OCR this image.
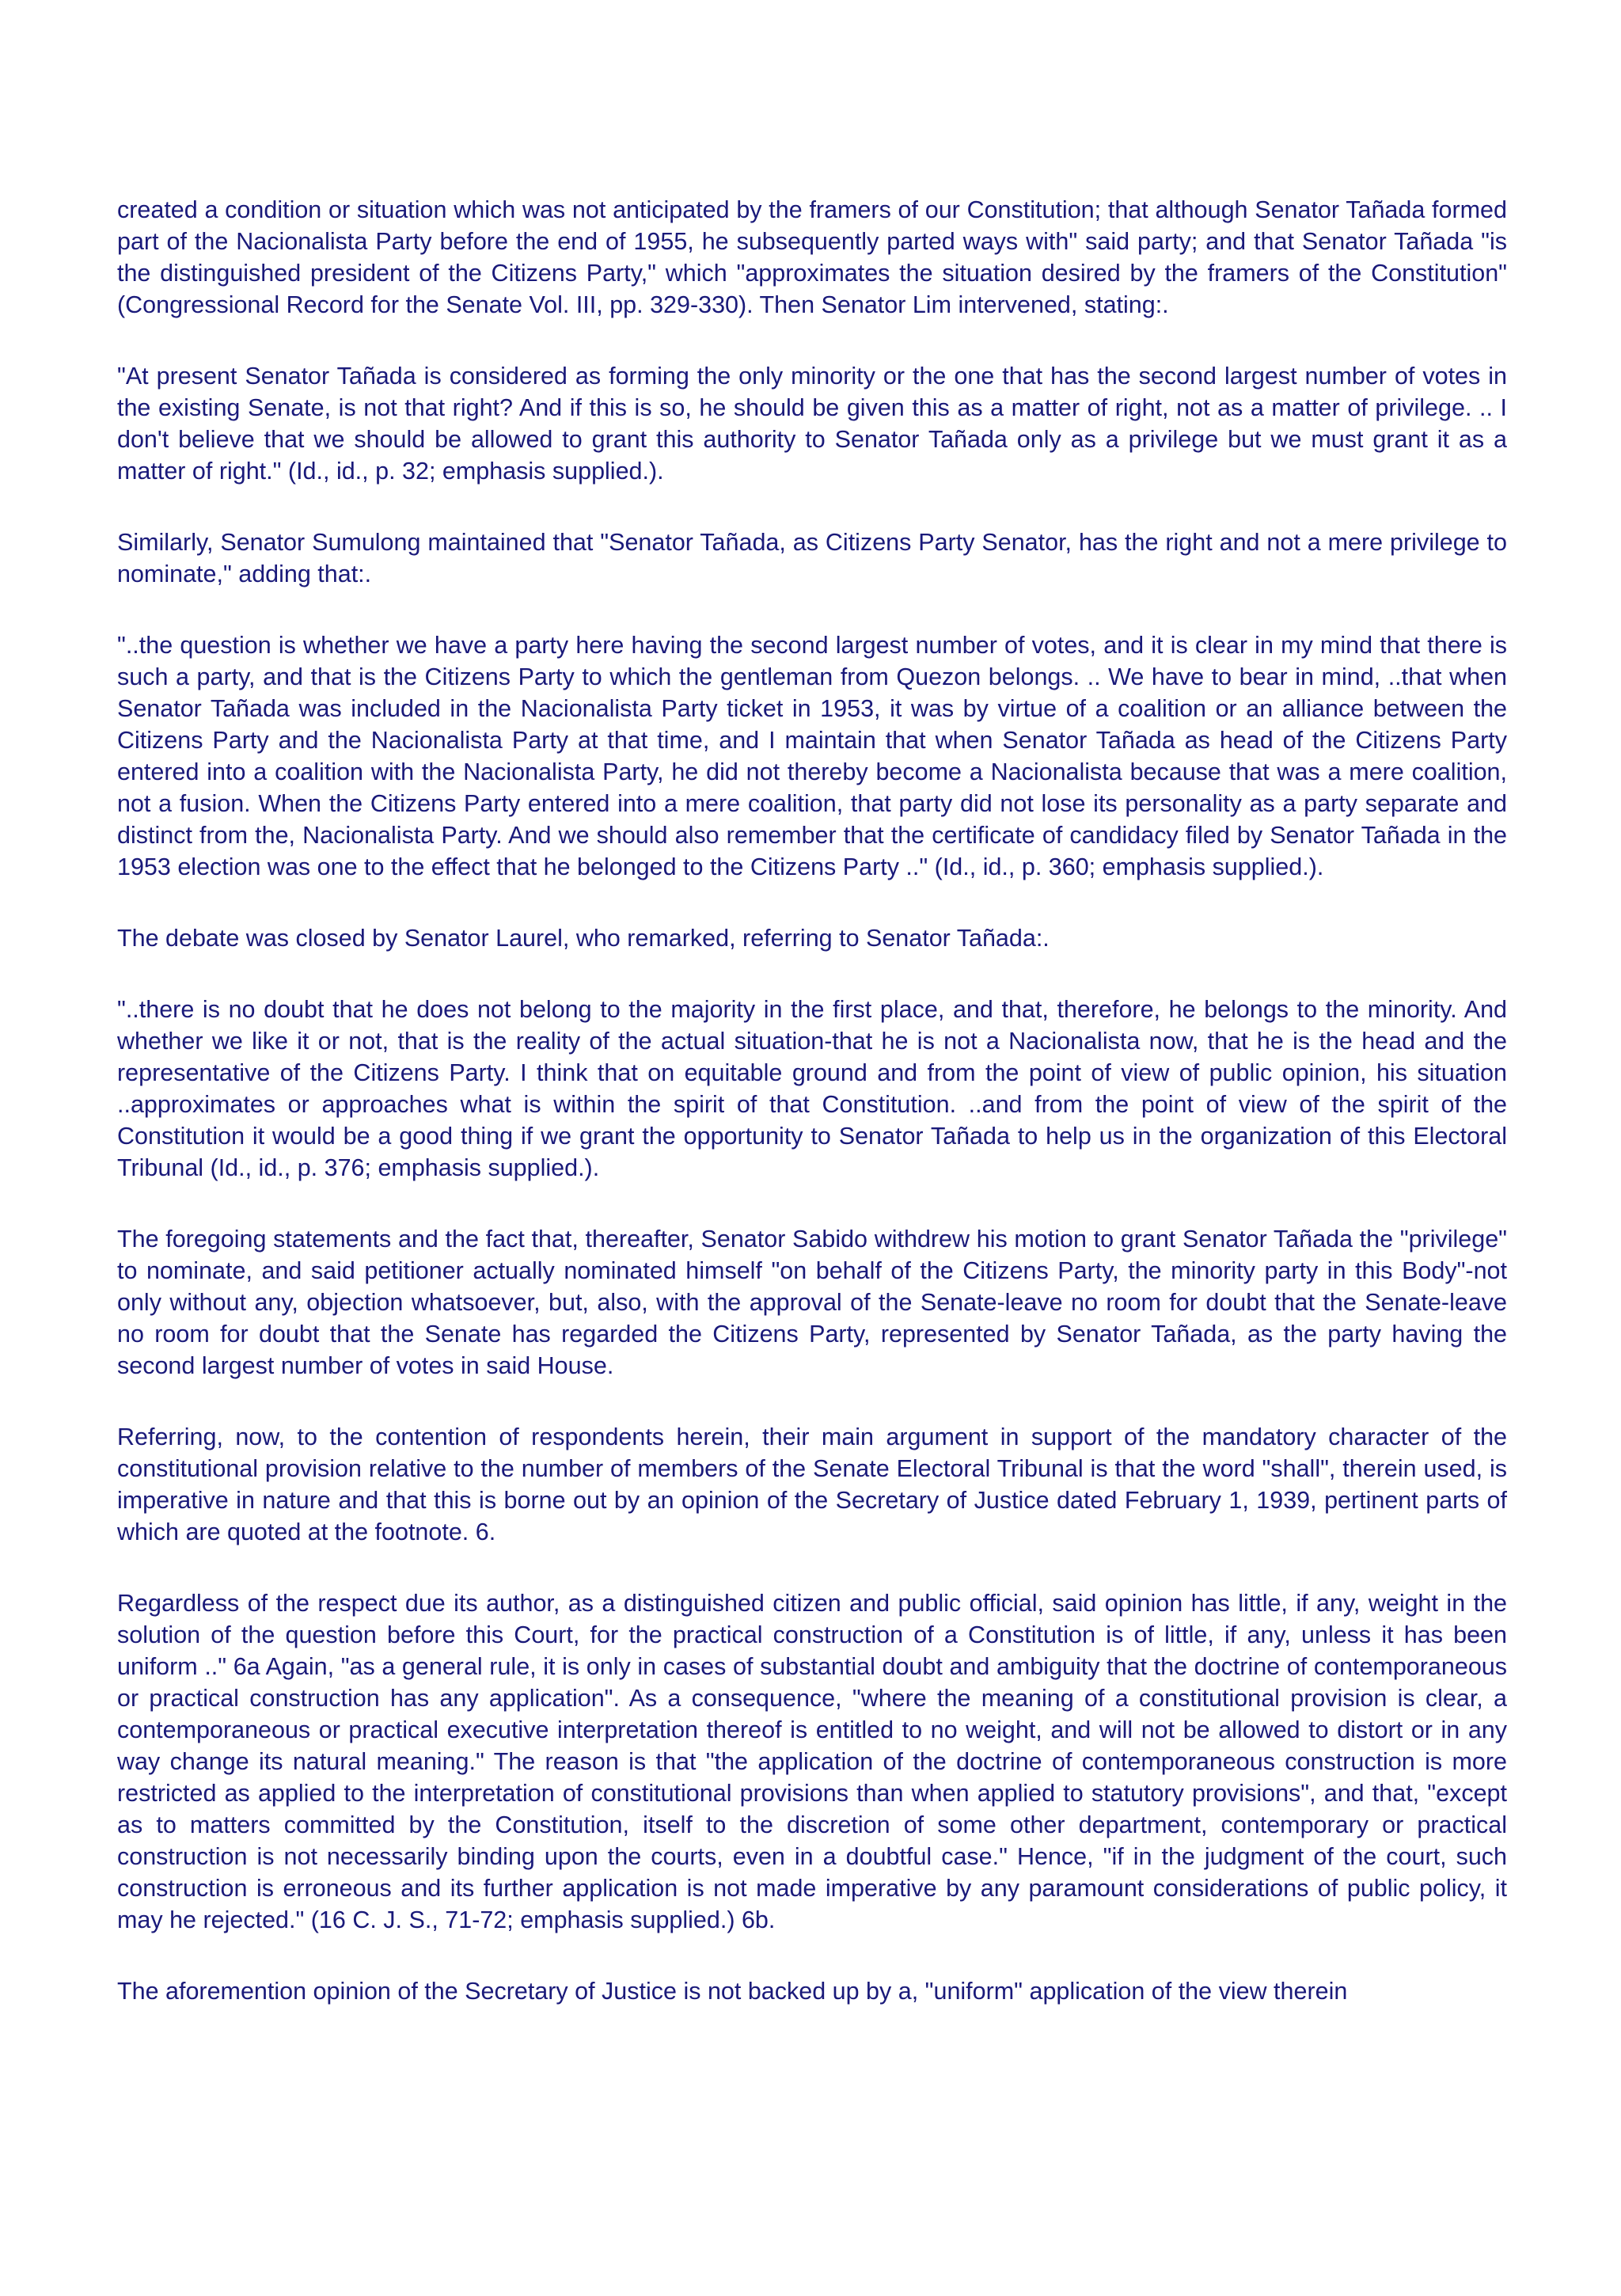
created a condition or situation which was not anticipated by the framers of our Constitution; that although Senator Tañada formed part of the Nacionalista Party before the end of 1955, he subsequently parted ways with" said party; and that Senator Tañada "is the distinguished president of the Citizens Party," which "approximates the situation desired by the framers of the Constitution" (Congressional Record for the Senate Vol. III, pp. 329-330). Then Senator Lim intervened, stating:.

"At present Senator Tañada is considered as forming the only minority or the one that has the second largest number of votes in the existing Senate, is not that right? And if this is so, he should be given this as a matter of right, not as a matter of privilege. .. I don't believe that we should be allowed to grant this authority to Senator Tañada only as a privilege but we must grant it as a matter of right." (Id., id., p. 32; emphasis supplied.).

Similarly, Senator Sumulong maintained that "Senator Tañada, as Citizens Party Senator, has the right and not a mere privilege to nominate," adding that:.

"..the question is whether we have a party here having the second largest number of votes, and it is clear in my mind that there is such a party, and that is the Citizens Party to which the gentleman from Quezon belongs. .. We have to bear in mind, ..that when Senator Tañada was included in the Nacionalista Party ticket in 1953, it was by virtue of a coalition or an alliance between the Citizens Party and the Nacionalista Party at that time, and I maintain that when Senator Tañada as head of the Citizens Party entered into a coalition with the Nacionalista Party, he did not thereby become a Nacionalista because that was a mere coalition, not a fusion. When the Citizens Party entered into a mere coalition, that party did not lose its personality as a party separate and distinct from the, Nacionalista Party. And we should also remember that the certificate of candidacy filed by Senator Tañada in the 1953 election was one to the effect that he belonged to the Citizens Party .." (Id., id., p. 360; emphasis supplied.).

The debate was closed by Senator Laurel, who remarked, referring to Senator Tañada:.

"..there is no doubt that he does not belong to the majority in the first place, and that, therefore, he belongs to the minority. And whether we like it or not, that is the reality of the actual situation-that he is not a Nacionalista now, that he is the head and the representative of the Citizens Party. I think that on equitable ground and from the point of view of public opinion, his situation ..approximates or approaches what is within the spirit of that Constitution. ..and from the point of view of the spirit of the Constitution it would be a good thing if we grant the opportunity to Senator Tañada to help us in the organization of this Electoral Tribunal (Id., id., p. 376; emphasis supplied.).

The foregoing statements and the fact that, thereafter, Senator Sabido withdrew his motion to grant Senator Tañada the "privilege" to nominate, and said petitioner actually nominated himself "on behalf of the Citizens Party, the minority party in this Body"-not only without any, objection whatsoever, but, also, with the approval of the Senate-leave no room for doubt that the Senate-leave no room for doubt that the Senate has regarded the Citizens Party, represented by Senator Tañada, as the party having the second largest number of votes in said House.

Referring, now, to the contention of respondents herein, their main argument in support of the mandatory character of the constitutional provision relative to the number of members of the Senate Electoral Tribunal is that the word "shall", therein used, is imperative in nature and that this is borne out by an opinion of the Secretary of Justice dated February 1, 1939, pertinent parts of which are quoted at the footnote. 6.

Regardless of the respect due its author, as a distinguished citizen and public official, said opinion has little, if any, weight in the solution of the question before this Court, for the practical construction of a Constitution is of little, if any, unless it has been uniform .." 6a Again, "as a general rule, it is only in cases of substantial doubt and ambiguity that the doctrine of contemporaneous or practical construction has any application". As a consequence, "where the meaning of a constitutional provision is clear, a contemporaneous or practical executive interpretation thereof is entitled to no weight, and will not be allowed to distort or in any way change its natural meaning." The reason is that "the application of the doctrine of contemporaneous construction is more restricted as applied to the interpretation of constitutional provisions than when applied to statutory provisions", and that, "except as to matters committed by the Constitution, itself to the discretion of some other department, contemporary or practical construction is not necessarily binding upon the courts, even in a doubtful case." Hence, "if in the judgment of the court, such construction is erroneous and its further application is not made imperative by any paramount considerations of public policy, it may he rejected." (16 C. J. S., 71-72; emphasis supplied.) 6b.

The aforemention opinion of the Secretary of Justice is not backed up by a, "uniform" application of the view therein
